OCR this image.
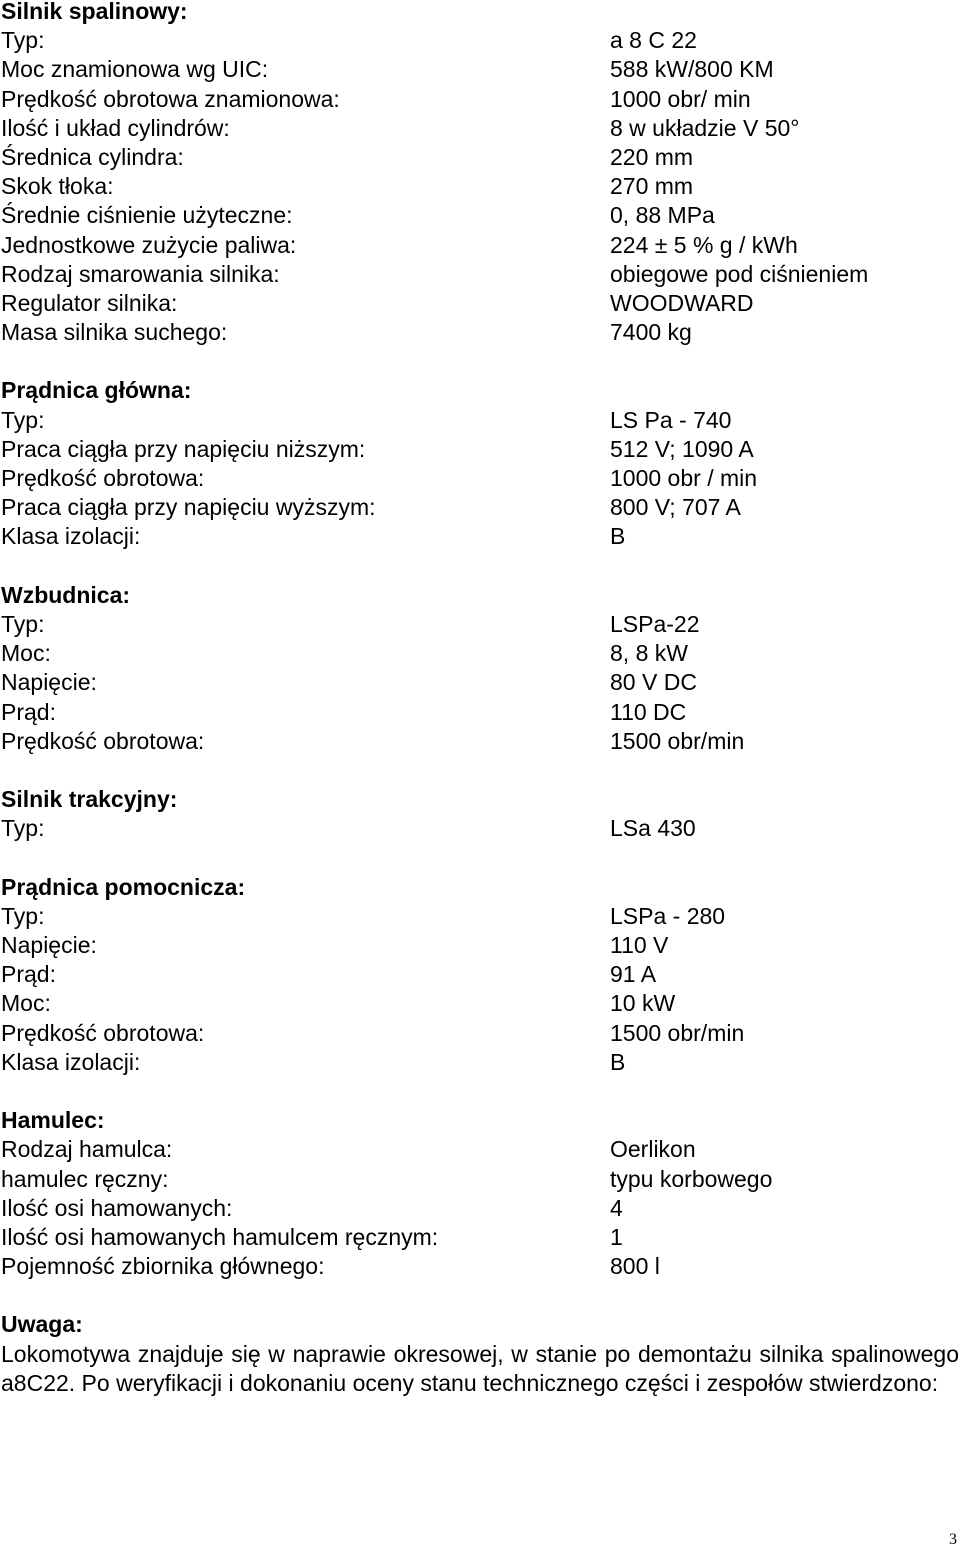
Silnik spalinowy:
Typ:	a 8 C 22
Moc znamionowa wg UIC:	588 kW/800 KM
Prędkość obrotowa znamionowa:	1000 obr/ min
Ilość i układ cylindrów:	8 w układzie V 50°
Średnica cylindra:	220 mm
Skok tłoka:	270 mm
Średnie ciśnienie użyteczne:	0, 88 MPa
Jednostkowe zużycie paliwa:	224 ± 5 % g / kWh
Rodzaj smarowania silnika:	obiegowe pod ciśnieniem
Regulator silnika:	WOODWARD
Masa silnika suchego:	7400 kg
Prądnica główna:
Typ:	LS Pa - 740
Praca ciągła przy napięciu niższym:	512 V; 1090 A
Prędkość obrotowa:	1000 obr / min
Praca ciągła przy napięciu wyższym:	800 V; 707 A
Klasa izolacji:	B
Wzbudnica:
Typ:	LSPa-22
Moc:	8, 8 kW
Napięcie:	80 V DC
Prąd:	110 DC
Prędkość obrotowa:	1500 obr/min
Silnik trakcyjny:
Typ:	LSa 430
Prądnica pomocnicza:
Typ:	LSPa - 280
Napięcie:	110 V
Prąd:	91 A
Moc:	10 kW
Prędkość obrotowa:	1500 obr/min
Klasa izolacji:	B
Hamulec:
Rodzaj hamulca:	Oerlikon
hamulec ręczny:	typu korbowego
Ilość osi hamowanych:	4
Ilość osi hamowanych hamulcem ręcznym:	1
Pojemność zbiornika głównego:	800 l
Uwaga:
Lokomotywa znajduje się w naprawie okresowej, w stanie po demontażu silnika spalinowego a8C22. Po weryfikacji i dokonaniu oceny stanu technicznego części i zespołów stwierdzono:
3
